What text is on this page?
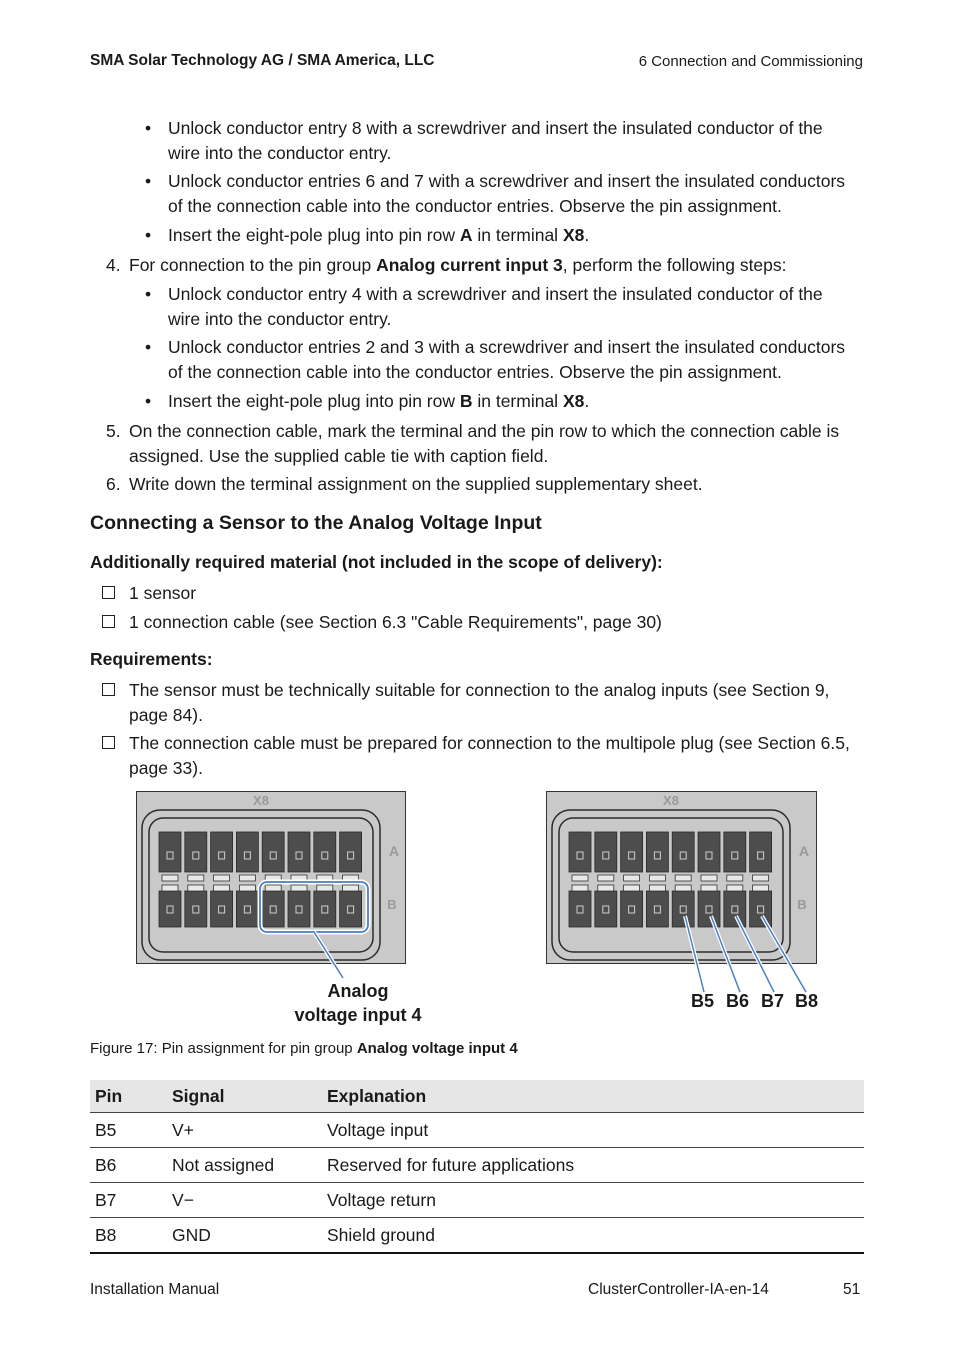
SMA Solar Technology AG / SMA America, LLC	6 Connection and Commissioning
• Unlock conductor entry 8 with a screwdriver and insert the insulated conductor of the
wire into the conductor entry.
• Unlock conductor entries 6 and 7 with a screwdriver and insert the insulated conductors
of the connection cable into the conductor entries. Observe the pin assignment.
• Insert the eight-pole plug into pin row A in terminal X8.
4. For connection to the pin group Analog current input 3, perform the following steps:
• Unlock conductor entry 4 with a screwdriver and insert the insulated conductor of the
wire into the conductor entry.
• Unlock conductor entries 2 and 3 with a screwdriver and insert the insulated conductors
of the connection cable into the conductor entries. Observe the pin assignment.
• Insert the eight-pole plug into pin row B in terminal X8.
5. On the connection cable, mark the terminal and the pin row to which the connection cable is
assigned. Use the supplied cable tie with caption field.
6. Write down the terminal assignment on the supplied supplementary sheet.
Connecting a Sensor to the Analog Voltage Input
Additionally required material (not included in the scope of delivery):
1 sensor
1 connection cable (see Section 6.3 "Cable Requirements", page 30)
Requirements:
The sensor must be technically suitable for connection to the analog inputs (see Section 9,
page 84).
The connection cable must be prepared for connection to the multipole plug (see Section 6.5,
page 33).
X8
A
B
X8
A
B
Analog
voltage input 4
B5 B6 B7 B8
Figure 17: Pin assignment for pin group Analog voltage input 4
Pin	Signal	Explanation
B5	V+	Voltage input
B6	Not assigned	Reserved for future applications
B7	V−	Voltage return
B8	GND	Shield ground
Installation Manual	ClusterController-IA-en-14	51
